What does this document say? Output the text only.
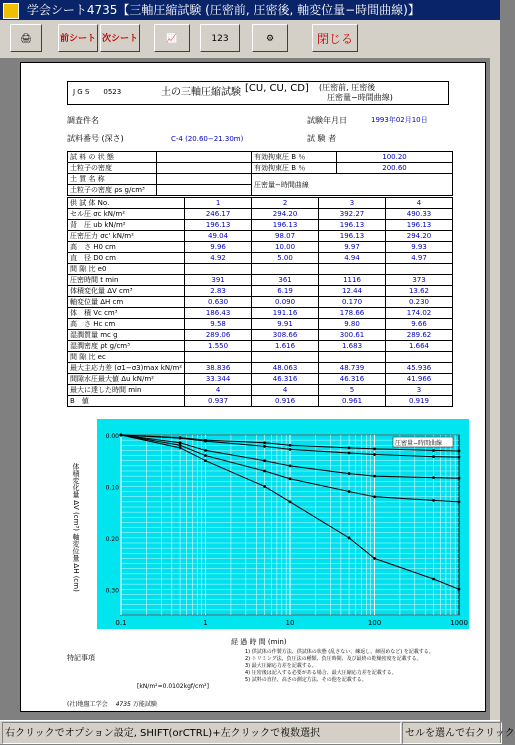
学会シート4735【三軸圧縮試験 (圧密前, 圧密後, 軸変位量−時間曲線)】
🖨	前シート 次シート	📈	123	⚙	閉じる
J G S　　0523	土の三軸圧縮試験 [CU, CU, CD] (圧密前, 圧密後
圧密量−時間曲線)
調査件名	試験年月日	1993年02月10日
試料番号 (深さ)	C-4 (20.60−21.30m)	試 験 者
試 料 の 状 態		有効拘束圧 B ％	100.20
土粒子の密度		有効拘束圧 B ％	200.60
土 質 名 称		圧密量−時間曲線	
土粒子の密度 ρs g/cm³			
供 試 体 No.	1	2	3	4
セル圧 σc kN/m²	246.17	294.20	392.27	490.33
背　圧 ub kN/m²	196.13	196.13	196.13	196.13
圧密圧力 σc' kN/m²	49.04	98.07	196.13	294.20
高　さ H0 cm	9.96	10.00	9.97	9.93
直　径 D0 cm	4.92	5.00	4.94	4.97
間 隙 比 e0				
圧密時間 t min	391	361	1116	373
体積変化量 ΔV cm³	2.83	6.19	12.44	13.62
軸変位量 ΔH cm	0.630	0.090	0.170	0.230
体　積 Vc cm³	186.43	191.16	178.66	174.02
高　さ Hc cm	9.58	9.91	9.80	9.66
湿潤質量 mc g	289.06	308.66	300.61	289.62
湿潤密度 ρt g/cm³	1.550	1.616	1.683	1.664
間 隙 比 ec				
最大主応力差 (σ1−σ3)max kN/m²	38.836	48.063	48.739	45.936
間隙水圧最大値 Δu kN/m²	33.344	46.316	46.316	41.966
最大に達した時間 min	4	4	5	3
B　値	0.937	0.916	0.961	0.919
0.1	1	10	100	1000
0.00
0.10
0.20
0.30
圧密量−時間曲線
体積変化量 ΔV (cm³) 軸変位量 ΔH (cm)
経 過 時 間 (min)
特記事項
[kN/m²=0.0102kgf/cm²]
1) 供試体の作製方法、供試体の状態 (乱さない、練返し、締固めなど) を記載する。
2) トリミング法、負圧法の種類、負圧時間、及び最終の乾燥密度を記載する。
3) 最大圧縮応力差を記載する。
4) 圧密後は記入する必要がある場合、最大圧縮応力差を記載する。
5) 試料の直径、高さの測定方法、その他を記載する。
(社)地盤工学会 4735 万能試験
右クリックでオプション設定, SHIFT(orCTRL)+左クリックで複数選択	セルを選んで右クリック
